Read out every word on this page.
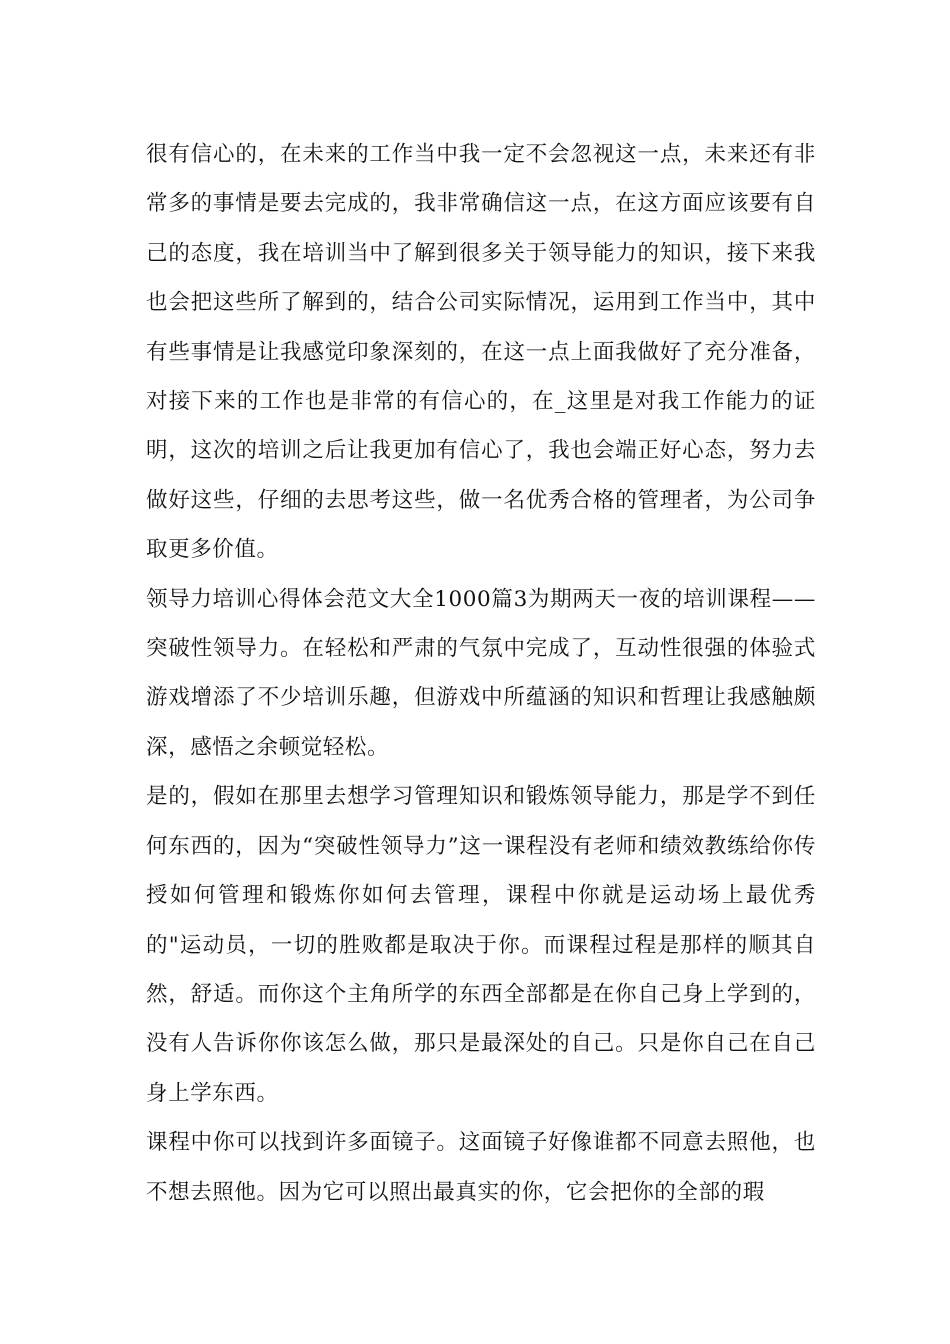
很有信心的，在未来的工作当中我一定不会忽视这一点，未来还有非常多的事情是要去完成的，我非常确信这一点，在这方面应该要有自己的态度，我在培训当中了解到很多关于领导能力的知识，接下来我也会把这些所了解到的，结合公司实际情况，运用到工作当中，其中有些事情是让我感觉印象深刻的，在这一点上面我做好了充分准备，对接下来的工作也是非常的有信心的，在_这里是对我工作能力的证明，这次的培训之后让我更加有信心了，我也会端正好心态，努力去做好这些，仔细的去思考这些，做一名优秀合格的管理者，为公司争取更多价值。

领导力培训心得体会范文大全1000篇3为期两天一夜的培训课程——突破性领导力。在轻松和严肃的气氛中完成了，互动性很强的体验式游戏增添了不少培训乐趣，但游戏中所蕴涵的知识和哲理让我感触颇深，感悟之余顿觉轻松。

是的，假如在那里去想学习管理知识和锻炼领导能力，那是学不到任何东西的，因为“突破性领导力”这一课程没有老师和绩效教练给你传授如何管理和锻炼你如何去管理，课程中你就是运动场上最优秀的"运动员，一切的胜败都是取决于你。而课程过程是那样的顺其自然，舒适。而你这个主角所学的东西全部都是在你自己身上学到的，没有人告诉你你该怎么做，那只是最深处的自己。只是你自己在自己身上学东西。

课程中你可以找到许多面镜子。这面镜子好像谁都不同意去照他，也不想去照他。因为它可以照出最真实的你，它会把你的全部的瑕
